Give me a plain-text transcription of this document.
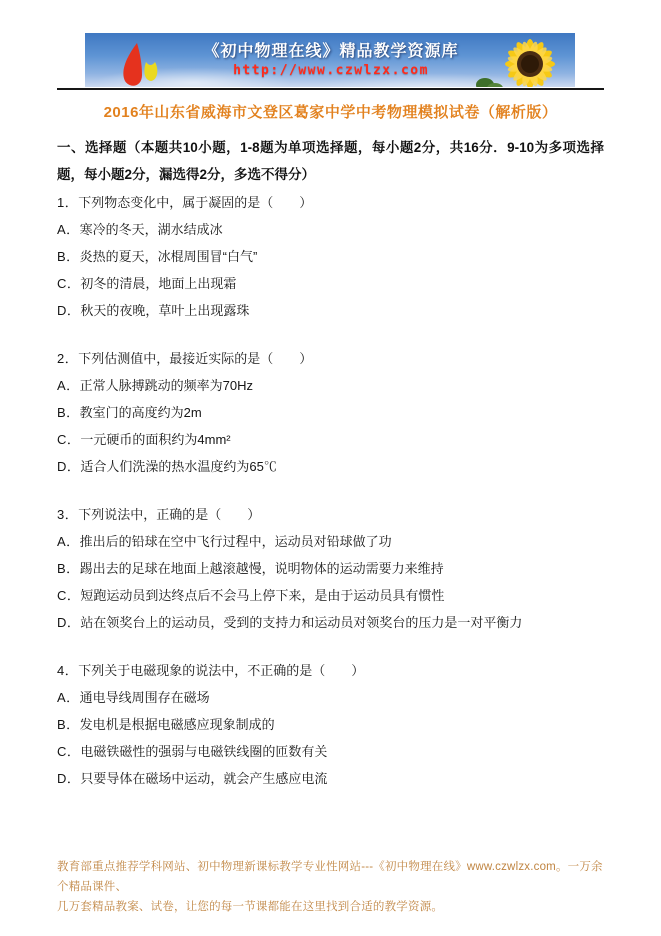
《初中物理在线》精品教学资源库
http://www.czwlzx.com
2016年山东省威海市文登区葛家中学中考物理模拟试卷（解析版）

一、选择题（本题共10小题，1-8题为单项选择题，每小题2分，共16分．9-10为多项选择题，每小题2分，漏选得2分，多选不得分）

1．下列物态变化中，属于凝固的是（　　）

A．寒冷的冬天，湖水结成冰

B．炎热的夏天，冰棍周围冒“白气”

C．初冬的清晨，地面上出现霜

D．秋天的夜晚，草叶上出现露珠

2．下列估测值中，最接近实际的是（　　）

A．正常人脉搏跳动的频率为70Hz

B．教室门的高度约为2m

C．一元硬币的面积约为4mm²

D．适合人们洗澡的热水温度约为65℃

3．下列说法中，正确的是（　　）

A．推出后的铅球在空中飞行过程中，运动员对铅球做了功

B．踢出去的足球在地面上越滚越慢，说明物体的运动需要力来维持

C．短跑运动员到达终点后不会马上停下来，是由于运动员具有惯性

D．站在领奖台上的运动员，受到的支持力和运动员对领奖台的压力是一对平衡力

4．下列关于电磁现象的说法中，不正确的是（　　）

A．通电导线周围存在磁场

B．发电机是根据电磁感应现象制成的

C．电磁铁磁性的强弱与电磁铁线圈的匝数有关

D．只要导体在磁场中运动，就会产生感应电流

教育部重点推荐学科网站、初中物理新课标教学专业性网站---《初中物理在线》www.czwlzx.com。一万余个精品课件、

几万套精品教案、试卷，让您的每一节课都能在这里找到合适的教学资源。
